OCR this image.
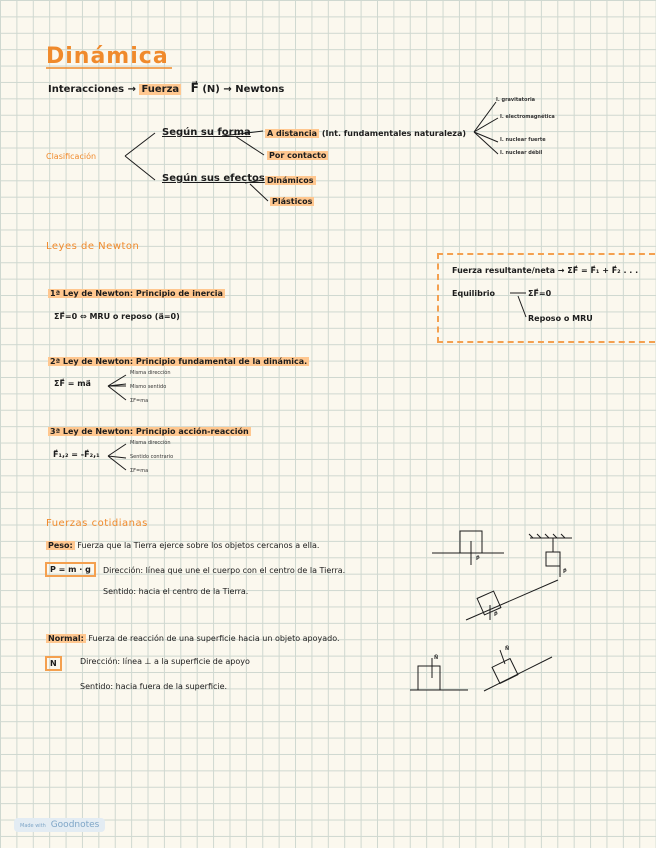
Dinámica
Interacciones → Fuerza F⃗ (N) → Newtons
Clasificación
Según su forma A distancia (Int. fundamentales naturaleza)
Por contacto
I. gravitatoria
I. electromagnética
I. nuclear fuerte
I. nuclear débil
Según sus efectos Dinámicos
Plásticos
Leyes de Newton
Fuerza resultante/neta → ΣF⃗ = F⃗₁ + F⃗₂ . . .
Equilibrio	ΣF⃗=0
Reposo o MRU
1ª Ley de Newton: Principio de inercia
ΣF⃗=0 ⇔ MRU o reposo (a⃗=0)
2ª Ley de Newton: Principio fundamental de la dinámica.
ΣF⃗ = ma⃗
Misma dirección
Mismo sentido
ΣF=ma
3ª Ley de Newton: Principio acción-reacción
F⃗₁,₂ = -F⃗₂,₁
Misma dirección
Sentido contrario
ΣF=ma
Fuerzas cotidianas
Peso: Fuerza que la Tierra ejerce sobre los objetos cercanos a ella.
P = m · g	Dirección: línea que une el cuerpo con el centro de la Tierra.
Sentido: hacia el centro de la Tierra.
Normal: Fuerza de reacción de una superficie hacia un objeto apoyado.
N	Dirección: línea ⊥ a la superficie de apoyo
Sentido: hacia fuera de la superficie.
P⃗
P⃗
P⃗
N⃗
N⃗
Made with Goodnotes
